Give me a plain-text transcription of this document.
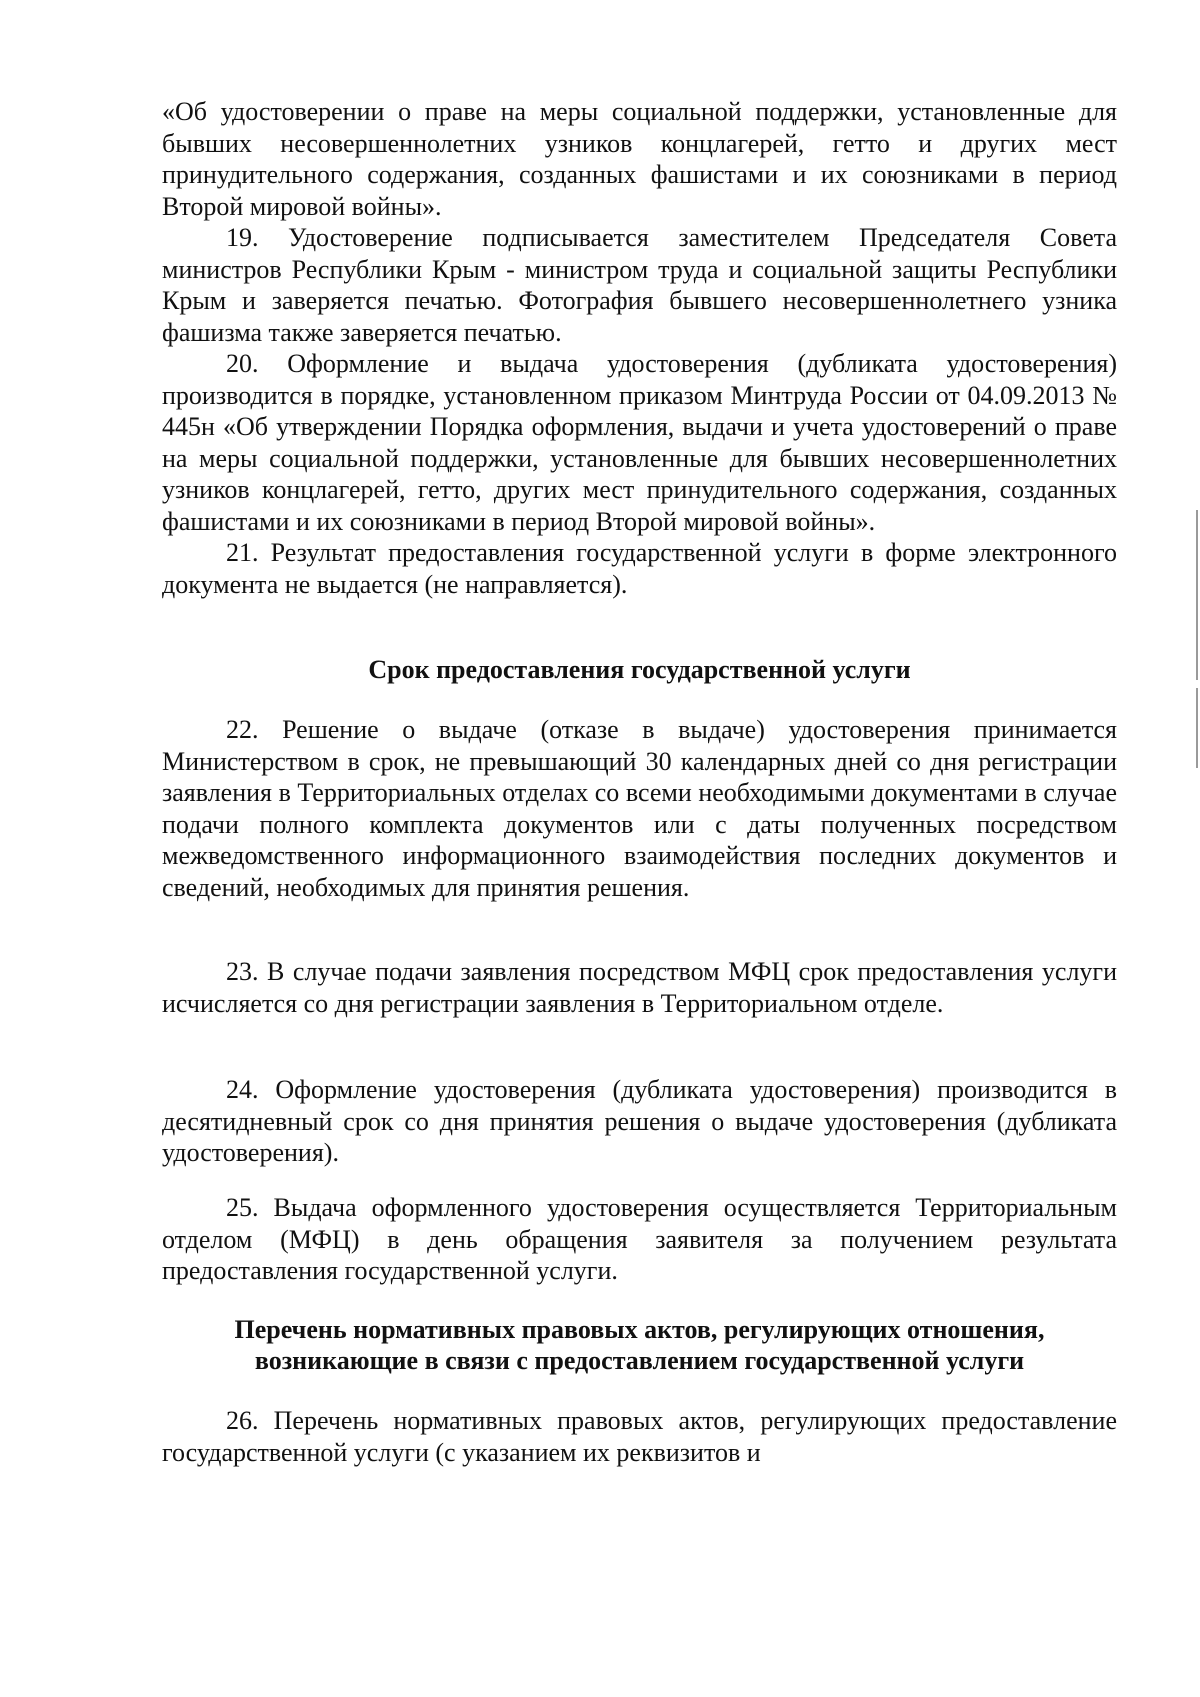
«Об удостоверении о праве на меры социальной поддержки, установленные для бывших несовершеннолетних узников концлагерей, гетто и других мест принудительного содержания, созданных фашистами и их союзниками в период Второй мировой войны».

19. Удостоверение подписывается заместителем Председателя Совета министров Республики Крым - министром труда и социальной защиты Республики Крым и заверяется печатью. Фотография бывшего несовершеннолетнего узника фашизма также заверяется печатью.

20. Оформление и выдача удостоверения (дубликата удостоверения) производится в порядке, установленном приказом Минтруда России от 04.09.2013 № 445н «Об утверждении Порядка оформления, выдачи и учета удостоверений о праве на меры социальной поддержки, установленные для бывших несовершеннолетних узников концлагерей, гетто, других мест принудительного содержания, созданных фашистами и их союзниками в период Второй мировой войны».

21. Результат предоставления государственной услуги в форме электронного документа не выдается (не направляется).

Срок предоставления государственной услуги

22. Решение о выдаче (отказе в выдаче) удостоверения принимается Министерством в срок, не превышающий 30 календарных дней со дня регистрации заявления в Территориальных отделах со всеми необходимыми документами в случае подачи полного комплекта документов или с даты полученных посредством межведомственного информационного взаимодействия последних документов и сведений, необходимых для принятия решения.

23. В случае подачи заявления посредством МФЦ срок предоставления услуги исчисляется со дня регистрации заявления в Территориальном отделе.

24. Оформление удостоверения (дубликата удостоверения) производится в десятидневный срок со дня принятия решения о выдаче удостоверения (дубликата удостоверения).

25. Выдача оформленного удостоверения осуществляется Территориальным отделом (МФЦ) в день обращения заявителя за получением результата предоставления государственной услуги.

Перечень нормативных правовых актов, регулирующих отношения,

возникающие в связи с предоставлением государственной услуги

26. Перечень нормативных правовых актов, регулирующих предоставление государственной услуги (с указанием их реквизитов и
